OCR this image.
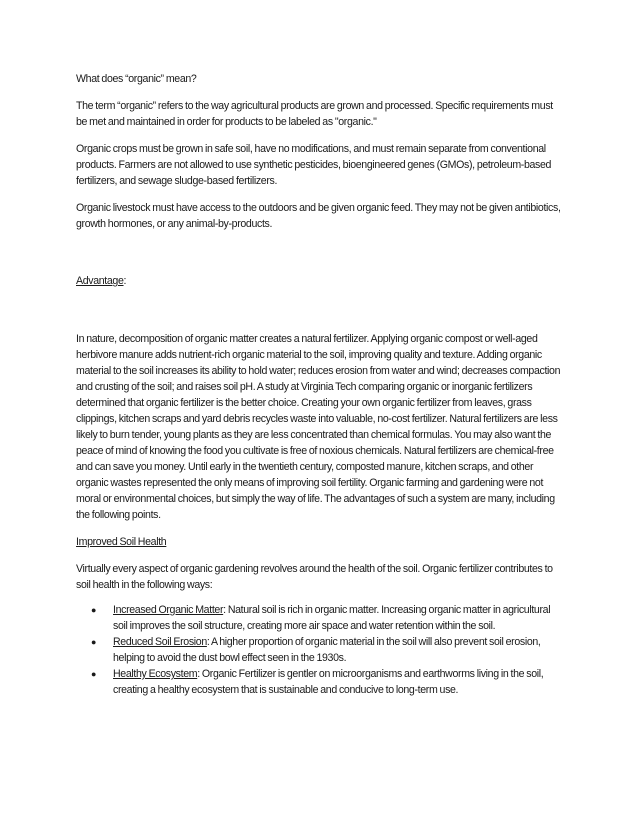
What does “organic” mean?

The term “organic” refers to the way agricultural products are grown and processed. Specific requirements must be met and maintained in order for products to be labeled as "organic."

Organic crops must be grown in safe soil, have no modifications, and must remain separate from conventional products. Farmers are not allowed to use synthetic pesticides, bioengineered genes (GMOs), petroleum-based fertilizers, and sewage sludge-based fertilizers.

Organic livestock must have access to the outdoors and be given organic feed. They may not be given antibiotics, growth hormones, or any animal-by-products.

Advantage:

In nature, decomposition of organic matter creates a natural fertilizer. Applying organic compost or well-aged herbivore manure adds nutrient-rich organic material to the soil, improving quality and texture. Adding organic material to the soil increases its ability to hold water; reduces erosion from water and wind; decreases compaction and crusting of the soil; and raises soil pH. A study at Virginia Tech comparing organic or inorganic fertilizers determined that organic fertilizer is the better choice. Creating your own organic fertilizer from leaves, grass clippings, kitchen scraps and yard debris recycles waste into valuable, no-cost fertilizer. Natural fertilizers are less likely to burn tender, young plants as they are less concentrated than chemical formulas. You may also want the peace of mind of knowing the food you cultivate is free of noxious chemicals. Natural fertilizers are chemical-free and can save you money. Until early in the twentieth century, composted manure, kitchen scraps, and other organic wastes represented the only means of improving soil fertility. Organic farming and gardening were not moral or environmental choices, but simply the way of life. The advantages of such a system are many, including the following points.

Improved Soil Health

Virtually every aspect of organic gardening revolves around the health of the soil. Organic fertilizer contributes to soil health in the following ways:

● Increased Organic Matter: Natural soil is rich in organic matter. Increasing organic matter in agricultural soil improves the soil structure, creating more air space and water retention within the soil.
● Reduced Soil Erosion: A higher proportion of organic material in the soil will also prevent soil erosion, helping to avoid the dust bowl effect seen in the 1930s.
● Healthy Ecosystem: Organic Fertilizer is gentler on microorganisms and earthworms living in the soil, creating a healthy ecosystem that is sustainable and conducive to long-term use.
